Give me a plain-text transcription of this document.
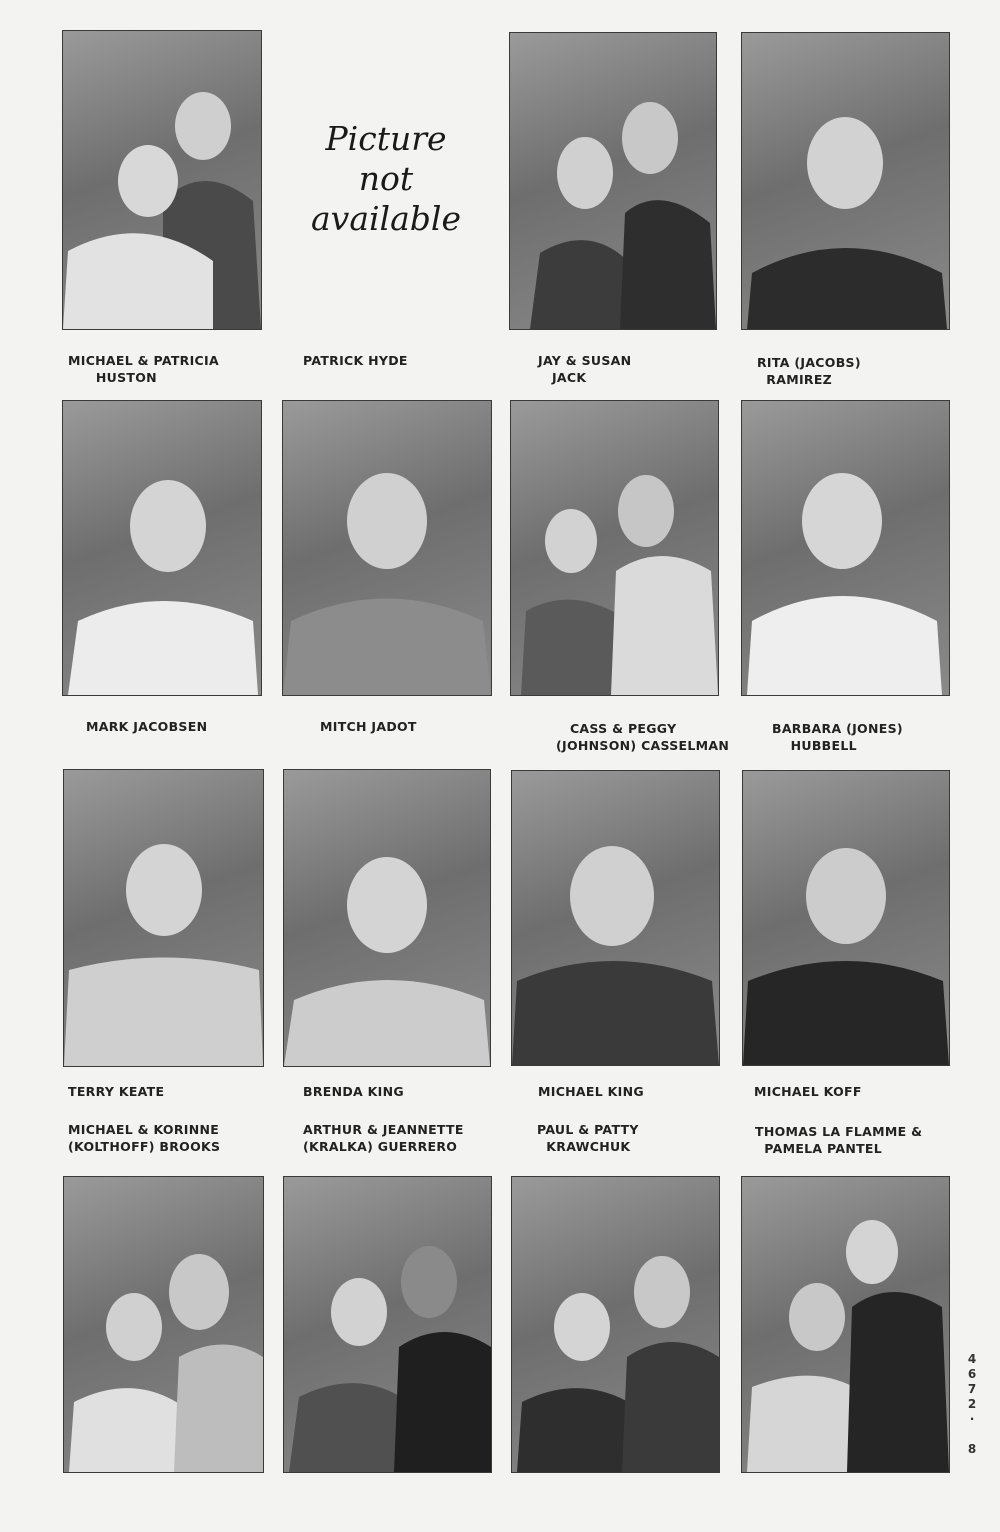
Picture
not
available
MICHAEL & PATRICIA
HUSTON
PATRICK HYDE	JAY & SUSAN
JACK
RITA (JACOBS)
RAMIREZ
MARK JACOBSEN	MITCH JADOT	CASS & PEGGY
(JOHNSON) CASSELMAN
BARBARA (JONES)
HUBBELL
TERRY KEATE	BRENDA KING	MICHAEL KING	MICHAEL KOFF
MICHAEL & KORINNE
(KOLTHOFF) BROOKS
ARTHUR & JEANNETTE
(KRALKA) GUERRERO
PAUL & PATTY
KRAWCHUK
THOMAS LA FLAMME &
PAMELA PANTEL
4
6
7
2
·

8
